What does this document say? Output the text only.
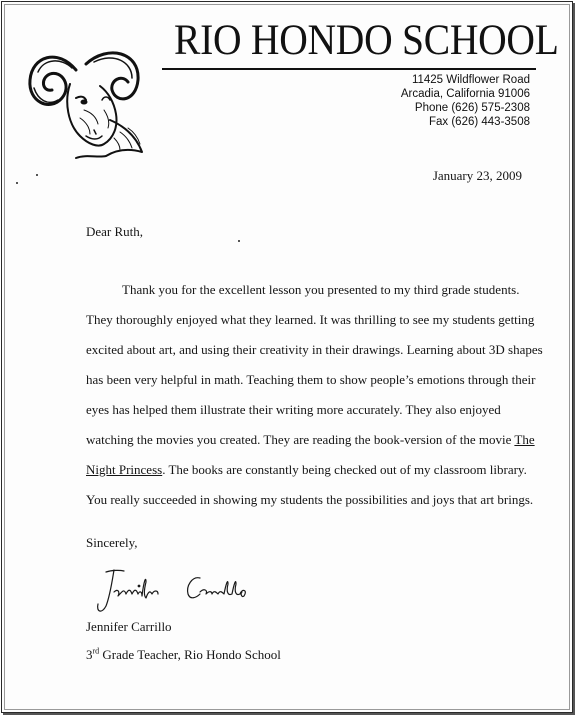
RIO HONDO SCHOOL
11425 Wildflower Road
Arcadia, California 91006
Phone (626) 575-2308
Fax (626) 443-3508
January 23, 2009
Dear Ruth,
Thank you for the excellent lesson you presented to my third grade students.
They thoroughly enjoyed what they learned. It was thrilling to see my students getting
excited about art, and using their creativity in their drawings. Learning about 3D shapes
has been very helpful in math. Teaching them to show people’s emotions through their
eyes has helped them illustrate their writing more accurately. They also enjoyed
watching the movies you created. They are reading the book-version of the movie The
Night Princess. The books are constantly being checked out of my classroom library.
You really succeeded in showing my students the possibilities and joys that art brings.
Sincerely,
Jennifer Carrillo
3rd Grade Teacher, Rio Hondo School
